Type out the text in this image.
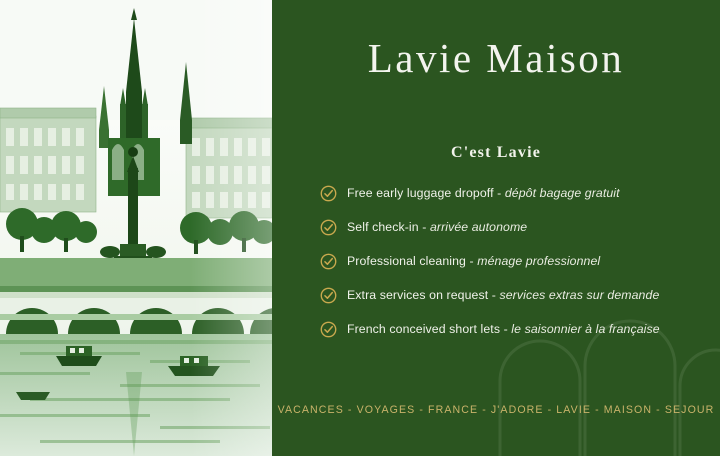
Lavie Maison
C'est Lavie
Free early luggage dropoff - dépôt bagage gratuit
Self check-in - arrivée autonome
Professional cleaning - ménage professionnel
Extra services on request - services extras sur demande
French conceived short lets - le saisonnier à la française
VACANCES - VOYAGES - FRANCE - J'ADORE - LAVIE - MAISON - SEJOUR
